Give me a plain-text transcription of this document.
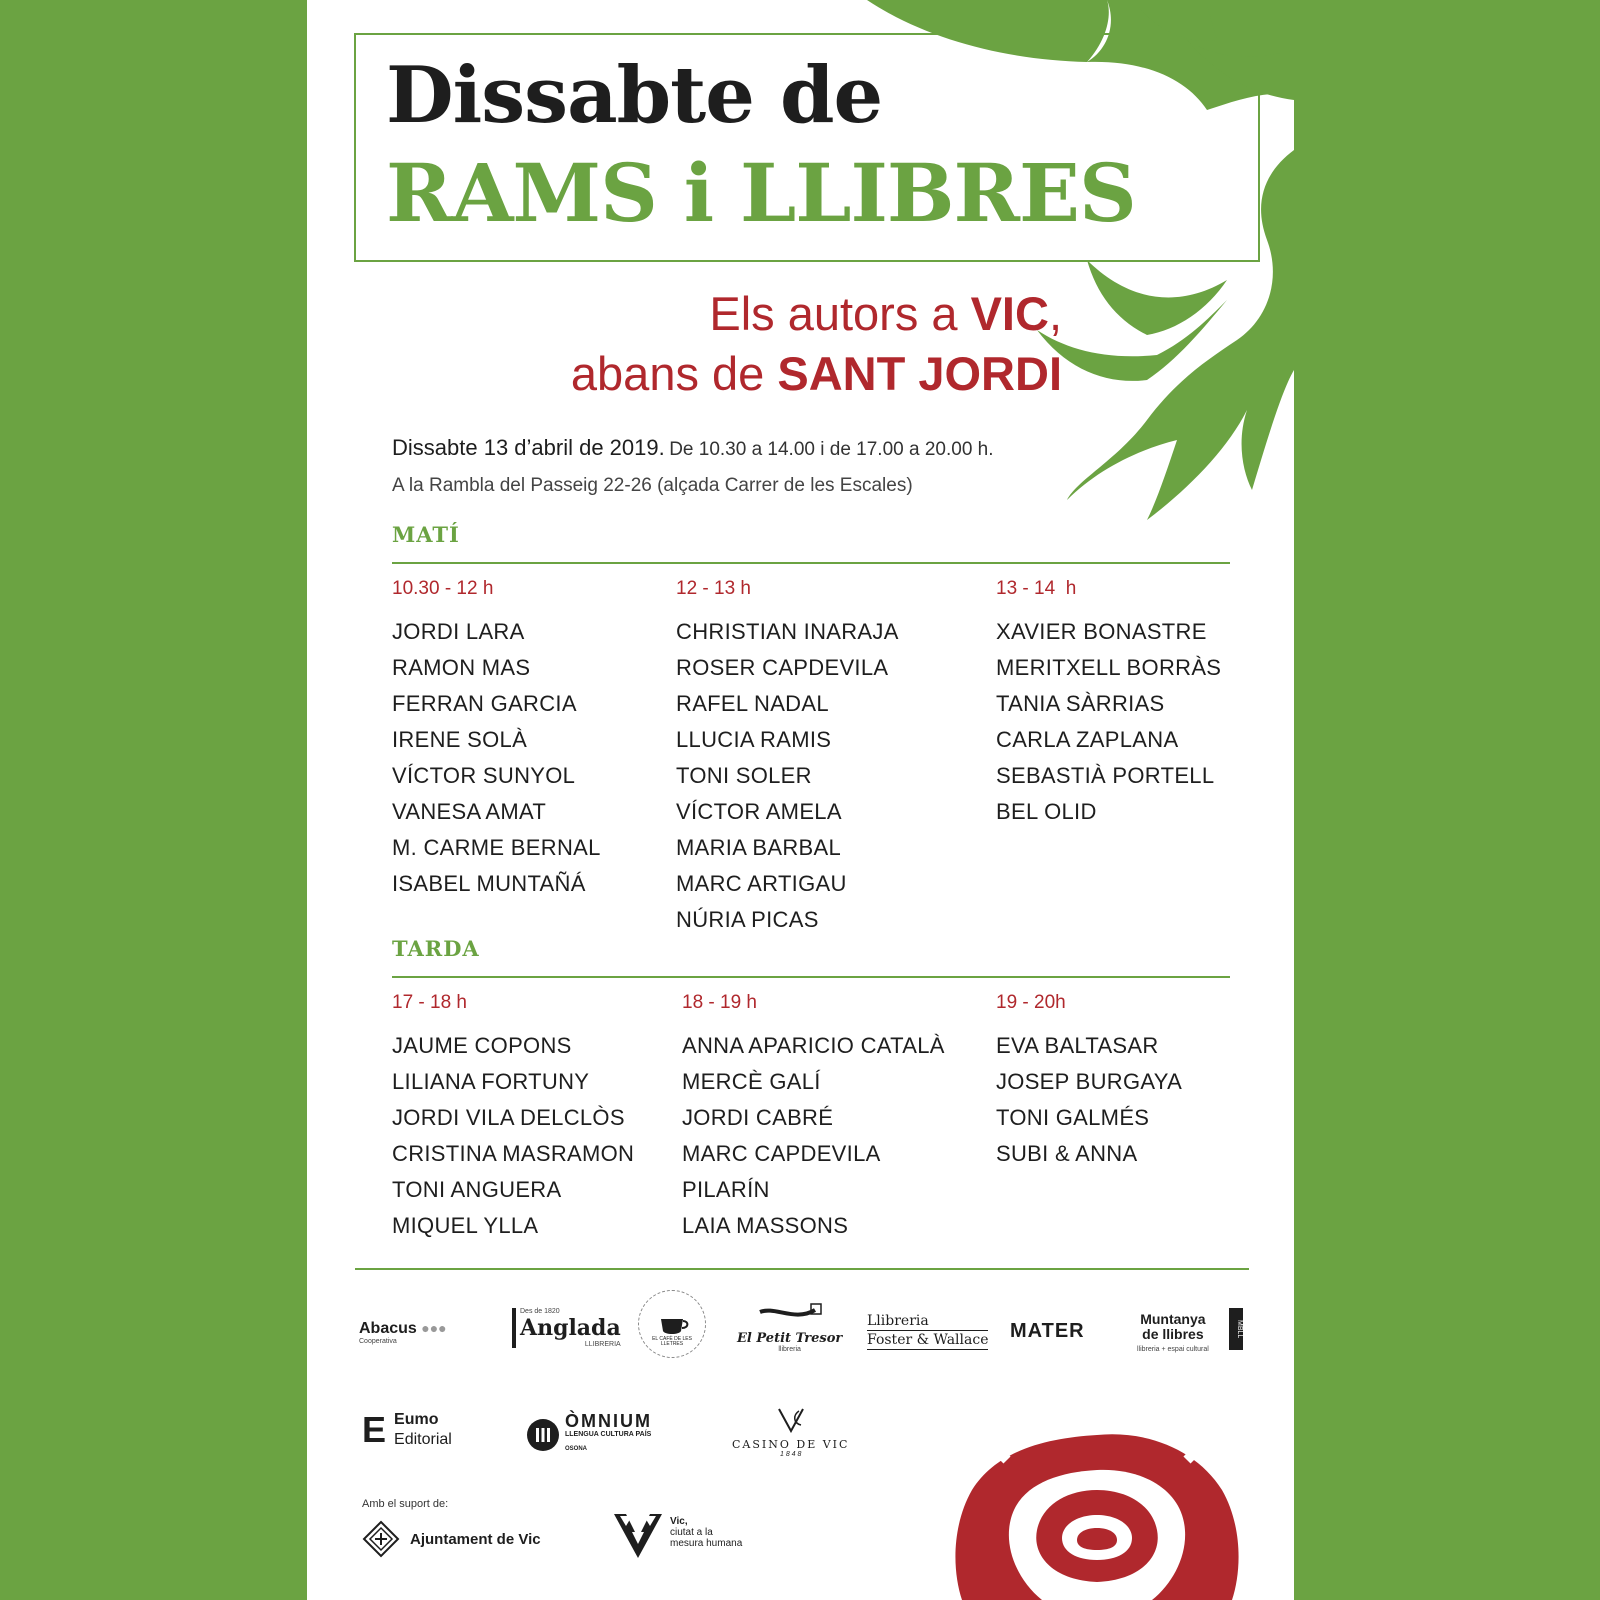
Dissabte de
RAMS i LLIBRES
Els autors a VIC,
abans de SANT JORDI
Dissabte 13 d’abril de 2019. De 10.30 a 14.00 i de 17.00 a 20.00 h.
A la Rambla del Passeig 22-26 (alçada Carrer de les Escales)
MATÍ
10.30 - 12 h
JORDI LARA
RAMON MAS
FERRAN GARCIA
IRENE SOLÀ
VÍCTOR SUNYOL
VANESA AMAT
M. CARME BERNAL
ISABEL MUNTAÑÁ
12 - 13 h
CHRISTIAN INARAJA
ROSER CAPDEVILA
RAFEL NADAL
LLUCIA RAMIS
TONI SOLER
VÍCTOR AMELA
MARIA BARBAL
MARC ARTIGAU
NÚRIA PICAS
13 - 14  h
XAVIER BONASTRE
MERITXELL BORRÀS
TANIA SÀRRIAS
CARLA ZAPLANA
SEBASTIÀ PORTELL
BEL OLID
TARDA
17 - 18 h
JAUME COPONS
LILIANA FORTUNY
JORDI VILA DELCLÒS
CRISTINA MASRAMON
TONI ANGUERA
MIQUEL YLLA
18 - 19 h
ANNA APARICIO CATALÀ
MERCÈ GALÍ
JORDI CABRÉ
MARC CAPDEVILA
PILARÍN
LAIA MASSONS
19 - 20h
EVA BALTASAR
JOSEP BURGAYA
TONI GALMÉS
SUBI & ANNA
Abacus ●●●
Cooperativa
Des de 1820
Anglada
LLIBRERIA
EL CAFÈ DE LES LLETRES	El Petit Tresor
llibreria
Llibreria
Foster & Wallace MATER
Muntanya
de llibres
llibreria + espai cultural
MBLL
E Eumo
Editorial
ÒMNIUM
LLENGUA CULTURA PAÍS
OSONA	CASINO DE VIC
1 8 4 8
Amb el suport de:
Ajuntament de Vic
Vic,
ciutat a la
mesura humana
